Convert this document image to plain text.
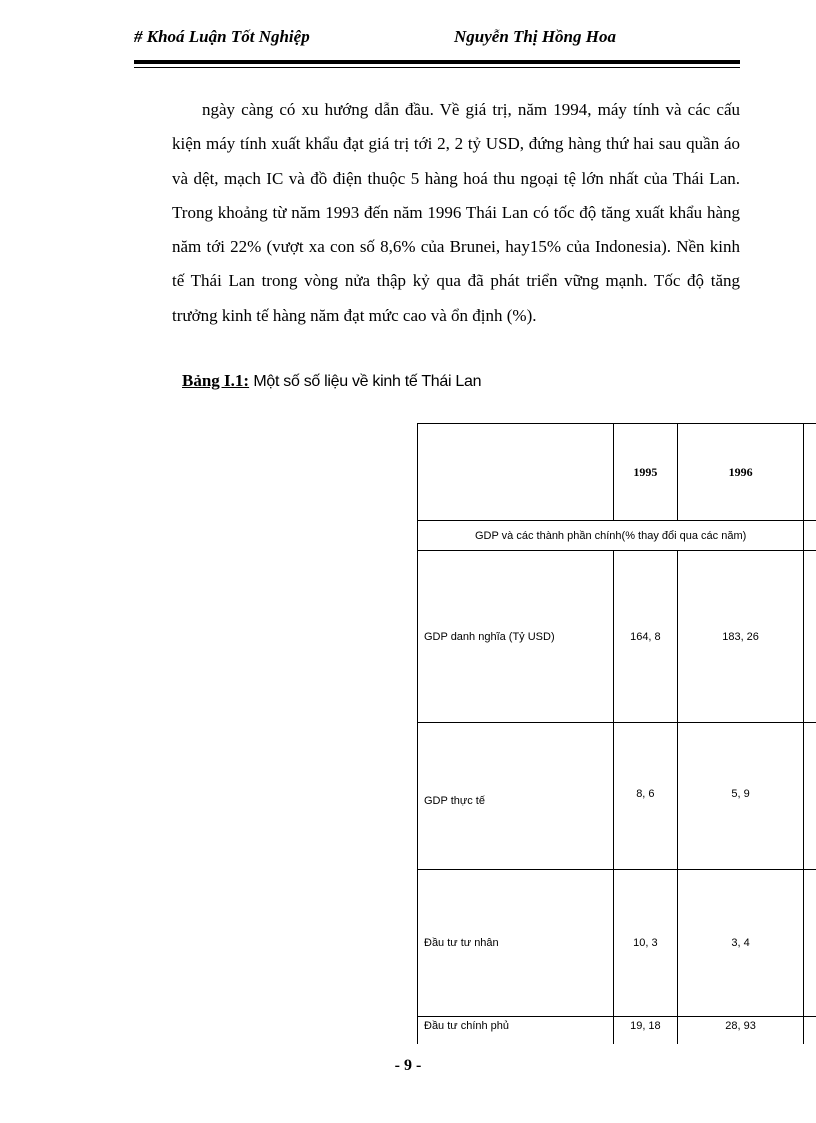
# Khoá Luận Tốt Nghiệp	Nguyễn Thị Hồng Hoa

ngày càng có xu hướng dẫn đầu. Về giá trị, năm 1994, máy tính và các cấu kiện máy tính xuất khẩu đạt giá trị tới 2, 2 tỷ USD, đứng hàng thứ hai sau quần áo và dệt, mạch IC và đồ điện thuộc 5 hàng hoá thu ngoại tệ lớn nhất của Thái Lan. Trong khoảng từ năm 1993 đến năm 1996 Thái Lan có tốc độ tăng xuất khẩu hàng năm tới 22% (vượt xa con số 8,6% của Brunei, hay15% của Indonesia). Nền kinh tế Thái Lan trong vòng nửa thập kỷ qua đã phát triển vững mạnh. Tốc độ tăng trưởng kinh tế hàng năm đạt mức cao và ổn định (%).

Bảng I.1: Một số số liệu về kinh tế Thái Lan
	1995	1996	
GDP và các thành phần chính(% thay đổi qua các năm)			
GDP danh nghĩa (Tỷ USD)	164, 8	183, 26	
GDP thực tế	8, 6	5, 9	
Đầu tư tư nhân	10, 3	3, 4	
Đầu tư chính phủ	19, 18	28, 93	
- 9 -
